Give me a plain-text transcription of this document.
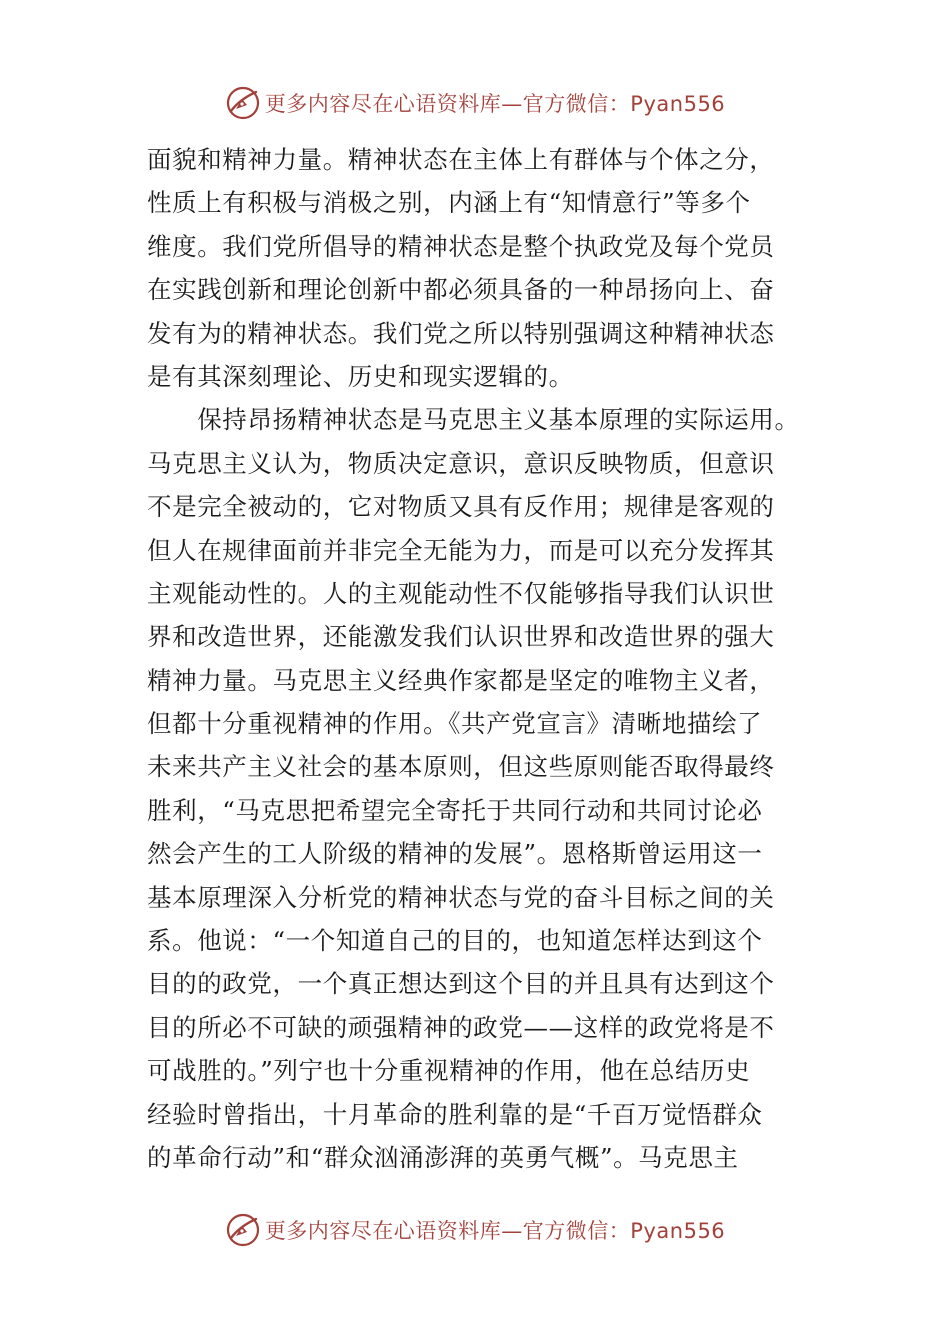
更多内容尽在心语资料库—官方微信：Pyan556
面貌和精神力量。精神状态在主体上有群体与个体之分，
性质上有积极与消极之别，内涵上有“知情意行”等多个
维度。我们党所倡导的精神状态是整个执政党及每个党员
在实践创新和理论创新中都必须具备的一种昂扬向上、奋
发有为的精神状态。我们党之所以特别强调这种精神状态
是有其深刻理论、历史和现实逻辑的。
　　保持昂扬精神状态是马克思主义基本原理的实际运用。
马克思主义认为，物质决定意识，意识反映物质，但意识
不是完全被动的，它对物质又具有反作用；规律是客观的
但人在规律面前并非完全无能为力，而是可以充分发挥其
主观能动性的。人的主观能动性不仅能够指导我们认识世
界和改造世界，还能激发我们认识世界和改造世界的强大
精神力量。马克思主义经典作家都是坚定的唯物主义者，
但都十分重视精神的作用。《共产党宣言》清晰地描绘了
未来共产主义社会的基本原则，但这些原则能否取得最终
胜利，“马克思把希望完全寄托于共同行动和共同讨论必
然会产生的工人阶级的精神的发展”。恩格斯曾运用这一
基本原理深入分析党的精神状态与党的奋斗目标之间的关
系。他说：“一个知道自己的目的，也知道怎样达到这个
目的的政党，一个真正想达到这个目的并且具有达到这个
目的所必不可缺的顽强精神的政党——这样的政党将是不
可战胜的。”列宁也十分重视精神的作用，他在总结历史
经验时曾指出，十月革命的胜利靠的是“千百万觉悟群众
的革命行动”和“群众汹涌澎湃的英勇气概”。马克思主
更多内容尽在心语资料库—官方微信：Pyan556
